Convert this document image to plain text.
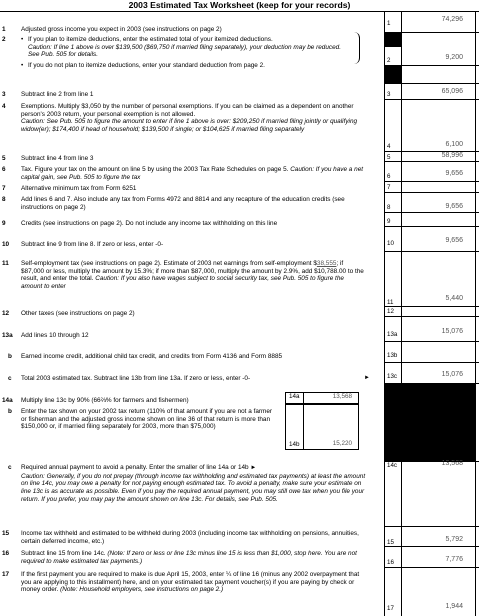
2003 Estimated Tax Worksheet (keep for your records)
1 Adjusted gross income you expect in 2003 (see instructions on page 2)
1
74,296
2 • If you plan to itemize deductions, enter the estimated total of your itemized deductions.
Caution: If line 1 above is over $139,500 ($69,750 if married filing separately), your deduction may be reduced. See Pub. 505 for details.
• If you do not plan to itemize deductions, enter your standard deduction from page 2.
2	9,200
3 Subtract line 2 from line 1	3	65,096
4 Exemptions. Multiply $3,050 by the number of personal exemptions. If you can be claimed as a dependent on another person's 2003 return, your personal exemption is not allowed.
Caution: See Pub. 505 to figure the amount to enter if line 1 above is over: $209,250 if married filing jointly or qualifying widow(er); $174,400 if head of household; $139,500 if single; or $104,625 if married filing separately
4	6,100
5 Subtract line 4 from line 3	5	58,996
6 Tax. Figure your tax on the amount on line 5 by using the 2003 Tax Rate Schedules on page 5. Caution: If you have a net capital gain, see Pub. 505 to figure the tax	6	9,656
7 Alternative minimum tax from Form 6251	7
8 Add lines 6 and 7. Also include any tax from Forms 4972 and 8814 and any recapture of the education credits (see instructions on page 2)	8	9,656
9 Credits (see instructions on page 2). Do not include any income tax withholding on this line	9
10 Subtract line 9 from line 8. If zero or less, enter -0-	10	9,656
11 Self-employment tax (see instructions on page 2). Estimate of 2003 net earnings from self-employment $38,555; if $87,000 or less, multiply the amount by 15.3%; if more than $87,000, multiply the amount by 2.9%, add $10,788.00 to the result, and enter the total. Caution: If you also have wages subject to social security tax, see Pub. 505 to figure the amount to enter
11
5,440
12 Other taxes (see instructions on page 2)	12
13a Add lines 10 through 12	13a	15,076
b Earned income credit, additional child tax credit, and credits from Form 4136 and Form 8885	13b
c Total 2003 estimated tax. Subtract line 13b from line 13a. If zero or less, enter -0-	►	13c	15,076
14a Multiply line 13c by 90% (66⅔% for farmers and fishermen)
14a	13,568
b Enter the tax shown on your 2002 tax return (110% of that amount if you are not a farmer or fisherman and the adjusted gross income shown on line 36 of that return is more than $150,000 or, if married filing separately for 2003, more than $75,000)
14b	15,220
c Required annual payment to avoid a penalty. Enter the smaller of line 14a or 14b ►
Caution: Generally, if you do not prepay (through income tax withholding and estimated tax payments) at least the amount on line 14c, you may owe a penalty for not paying enough estimated tax. To avoid a penalty, make sure your estimate on line 13c is as accurate as possible. Even if you pay the required annual payment, you may still owe tax when you file your return. If you prefer, you may pay the amount shown on line 13c. For details, see Pub. 505.
14c	13,568
15 Income tax withheld and estimated to be withheld during 2003 (including income tax withholding on pensions, annuities, certain deferred income, etc.)	15	5,792
16 Subtract line 15 from line 14c. (Note: If zero or less or line 13c minus line 15 is less than $1,000, stop here. You are not required to make estimated tax payments.)	16	7,776
17 If the first payment you are required to make is due April 15, 2003, enter ¼ of line 16 (minus any 2002 overpayment that you are applying to this installment) here, and on your estimated tax payment voucher(s) if you are paying by check or money order. (Note: Household employers, see instructions on page 2.)
17	1,944
